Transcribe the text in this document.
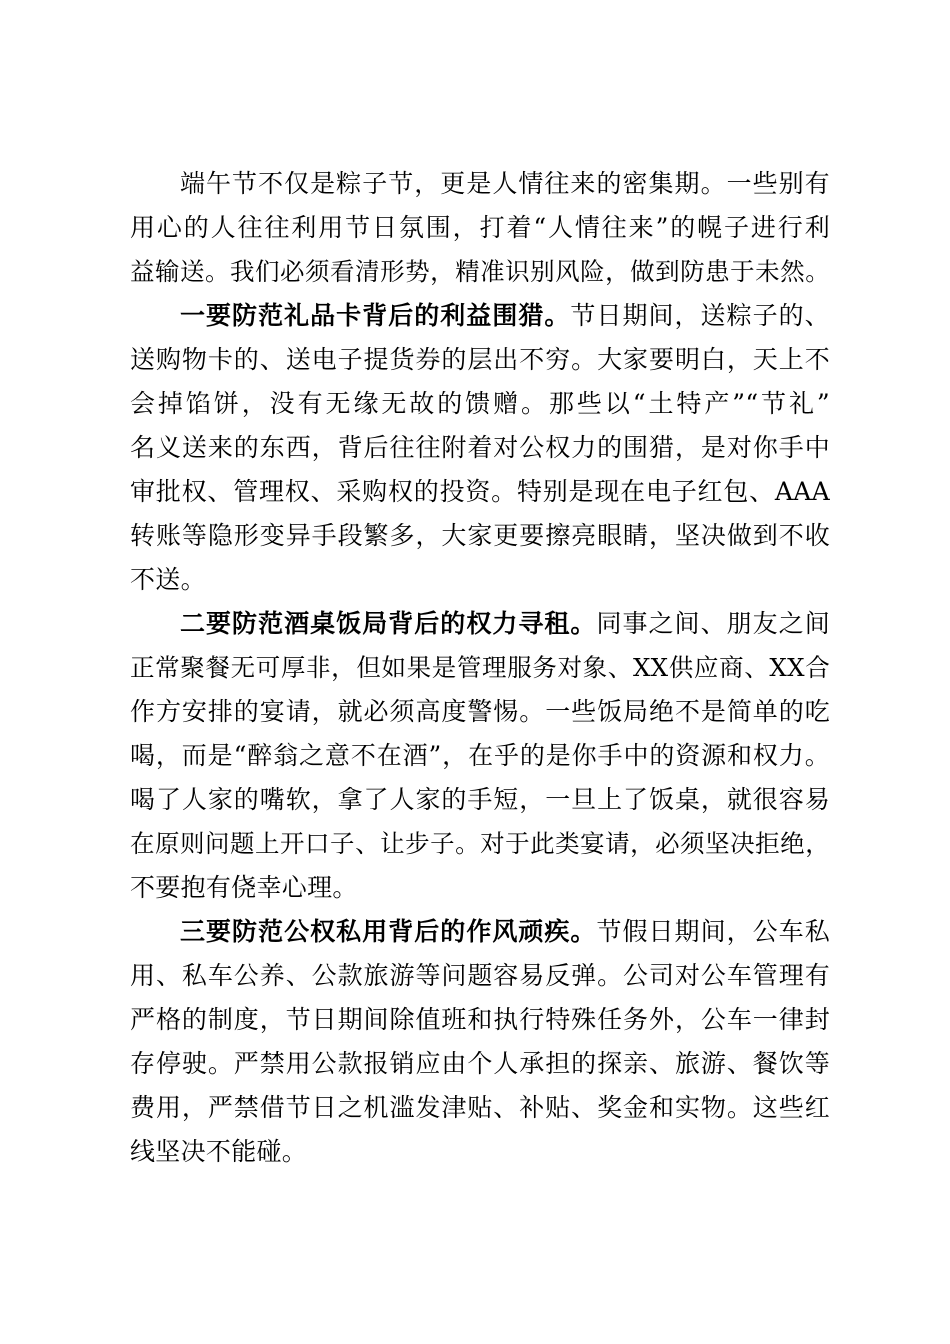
端午节不仅是粽子节，更是人情往来的密集期。一些别有
用心的人往往利用节日氛围，打着“人情往来”的幌子进行利
益输送。我们必须看清形势，精准识别风险，做到防患于未然。
一要防范礼品卡背后的利益围猎。节日期间，送粽子的、
送购物卡的、送电子提货券的层出不穷。大家要明白，天上不
会掉馅饼，没有无缘无故的馈赠。那些以“土特产”“节礼”
名义送来的东西，背后往往附着对公权力的围猎，是对你手中
审批权、管理权、采购权的投资。特别是现在电子红包、AAA
转账等隐形变异手段繁多，大家更要擦亮眼睛，坚决做到不收
不送。
二要防范酒桌饭局背后的权力寻租。同事之间、朋友之间
正常聚餐无可厚非，但如果是管理服务对象、XX供应商、XX合
作方安排的宴请，就必须高度警惕。一些饭局绝不是简单的吃
喝，而是“醉翁之意不在酒”，在乎的是你手中的资源和权力。
喝了人家的嘴软，拿了人家的手短，一旦上了饭桌，就很容易
在原则问题上开口子、让步子。对于此类宴请，必须坚决拒绝，
不要抱有侥幸心理。
三要防范公权私用背后的作风顽疾。节假日期间，公车私
用、私车公养、公款旅游等问题容易反弹。公司对公车管理有
严格的制度，节日期间除值班和执行特殊任务外，公车一律封
存停驶。严禁用公款报销应由个人承担的探亲、旅游、餐饮等
费用，严禁借节日之机滥发津贴、补贴、奖金和实物。这些红
线坚决不能碰。
